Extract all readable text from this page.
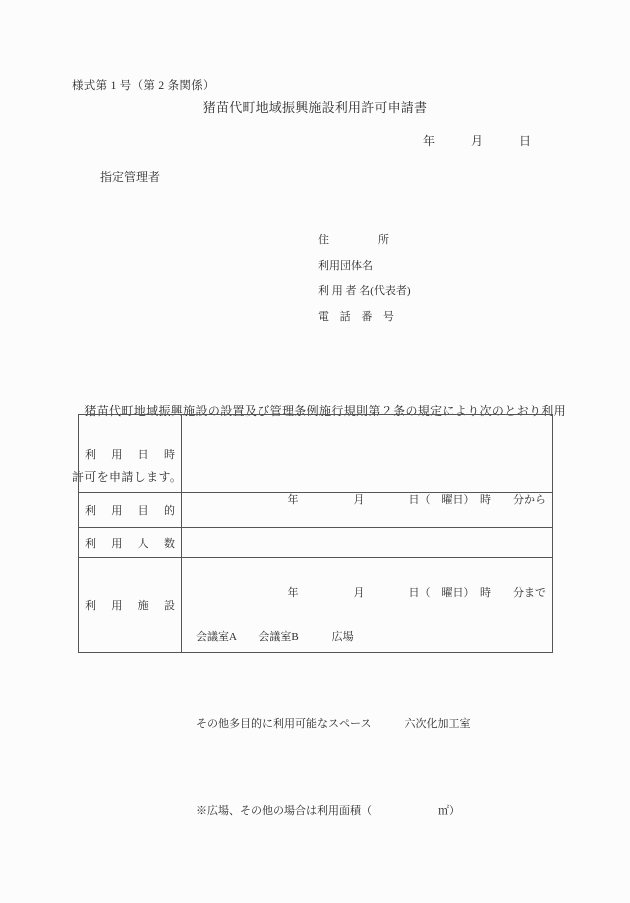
様式第 1 号（第 2 条関係）
猪苗代町地域振興施設利用許可申請書
年　　　月　　　日
指定管理者
住 所
利用団体名
利 用 者 名(代表者)
電 話 番 号

　猪苗代町地域振興施設の設置及び管理条例施行規則第２条の規定により次のとおり利用

許可を申請します。

利 用 日 時

年　　　　　月　　　　日（　曜日）　時　　分から

年　　　　　月　　　　日（　曜日）　時　　分まで

利 用 目 的
利 用 人 数
利 用 施 設

会議室A　　会議室B　　　広場

その他多目的に利用可能なスペース　　　六次化加工室

※広場、その他の場合は利用面積（　　　　　　㎡）
